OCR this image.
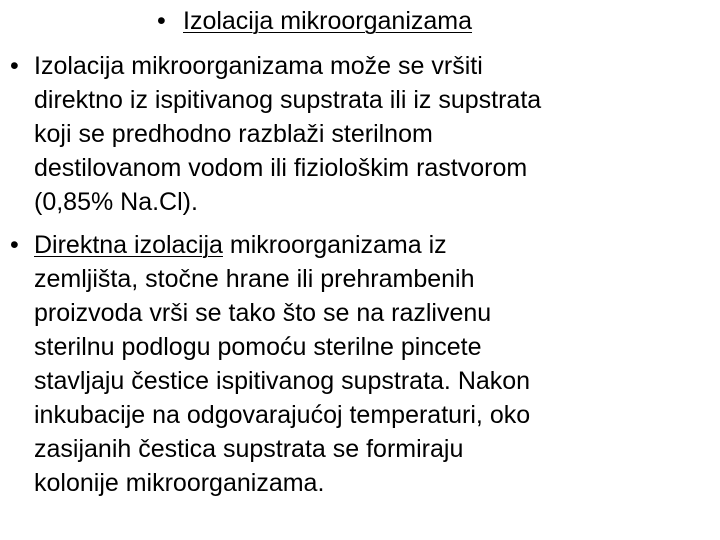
• Izolacija mikroorganizama
• Izolacija mikroorganizama može se vršiti
direktno iz ispitivanog supstrata ili iz supstrata
koji se predhodno razblaži sterilnom
destilovanom vodom ili fiziološkim rastvorom
(0,85% Na.Cl).
• Direktna izolacija mikroorganizama iz
zemljišta, stočne hrane ili prehrambenih
proizvoda vrši se tako što se na razlivenu
sterilnu podlogu pomoću sterilne pincete
stavljaju čestice ispitivanog supstrata. Nakon
inkubacije na odgovarajućoj temperaturi, oko
zasijanih čestica supstrata se formiraju
kolonije mikroorganizama.
